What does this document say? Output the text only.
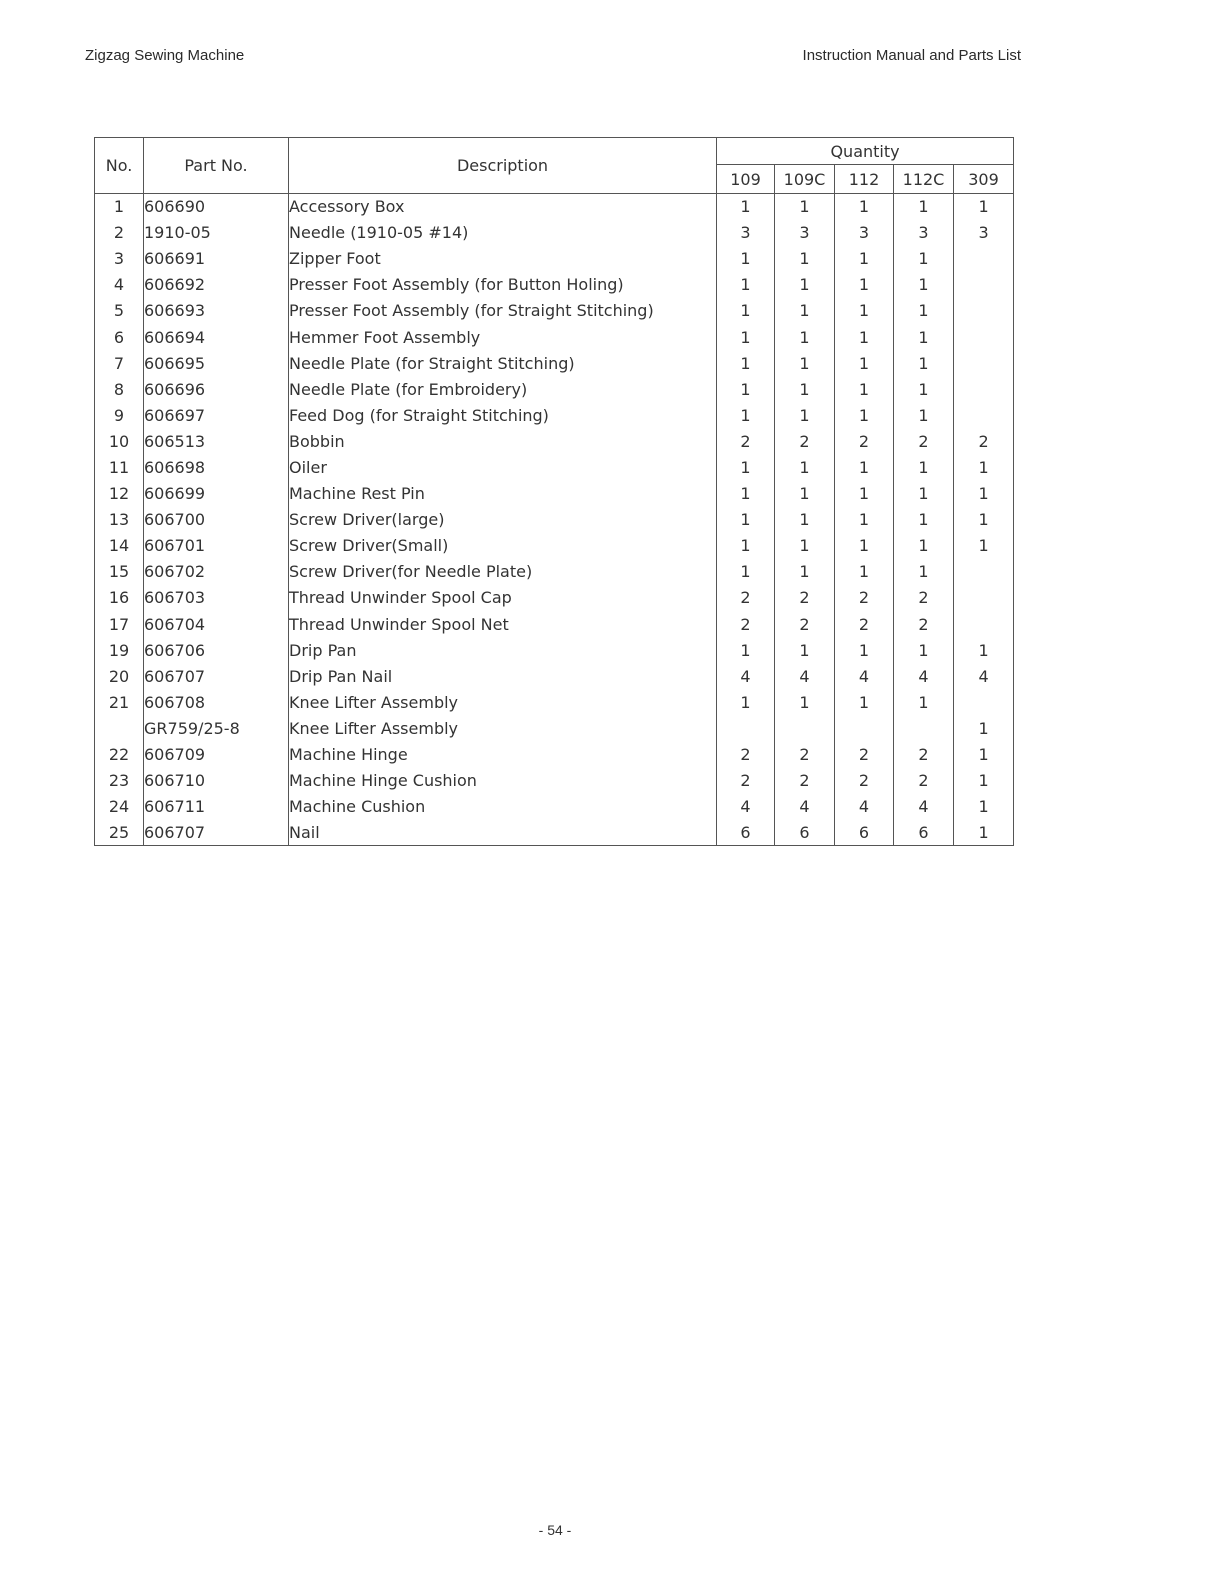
Zigzag Sewing Machine	Instruction Manual and Parts List
No.	Part No.	Description	Quantity				
			109	109C	112	112C	309
1	606690	Accessory Box	1	1	1	1	1
2	1910-05	Needle (1910-05 #14)	3	3	3	3	3
3	606691	Zipper Foot	1	1	1	1	
4	606692	Presser Foot Assembly (for Button Holing)	1	1	1	1	
5	606693	Presser Foot Assembly (for Straight Stitching)	1	1	1	1	
6	606694	Hemmer Foot Assembly	1	1	1	1	
7	606695	Needle Plate (for Straight Stitching)	1	1	1	1	
8	606696	Needle Plate (for Embroidery)	1	1	1	1	
9	606697	Feed Dog (for Straight Stitching)	1	1	1	1	
10	606513	Bobbin	2	2	2	2	2
11	606698	Oiler	1	1	1	1	1
12	606699	Machine Rest Pin	1	1	1	1	1
13	606700	Screw Driver(large)	1	1	1	1	1
14	606701	Screw Driver(Small)	1	1	1	1	1
15	606702	Screw Driver(for Needle Plate)	1	1	1	1	
16	606703	Thread Unwinder Spool Cap	2	2	2	2	
17	606704	Thread Unwinder Spool Net	2	2	2	2	
19	606706	Drip Pan	1	1	1	1	1
20	606707	Drip Pan Nail	4	4	4	4	4
21	606708	Knee Lifter Assembly	1	1	1	1	
	GR759/25-8	Knee Lifter Assembly					1
22	606709	Machine Hinge	2	2	2	2	1
23	606710	Machine Hinge Cushion	2	2	2	2	1
24	606711	Machine Cushion	4	4	4	4	1
25	606707	Nail	6	6	6	6	1
- 54 -
